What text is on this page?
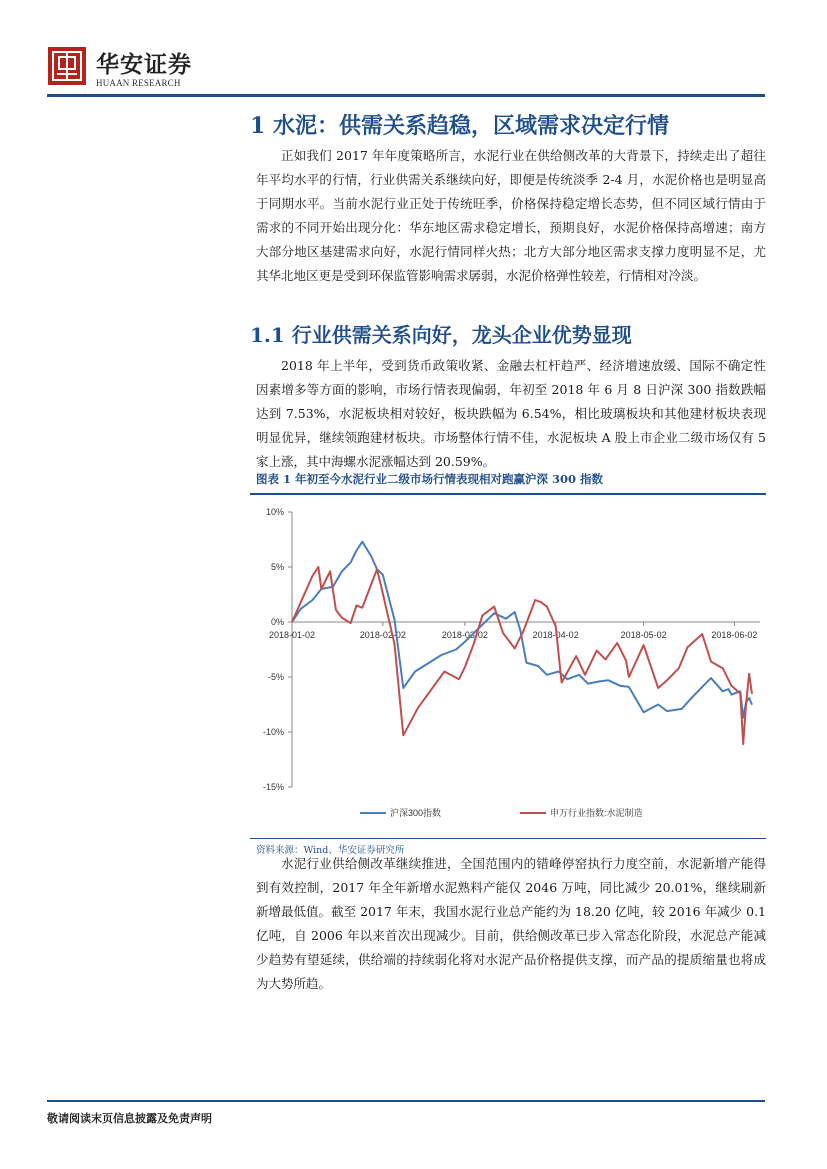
华安证券
HUAAN RESEARCH
1 水泥：供需关系趋稳，区域需求决定行情

正如我们 2017 年年度策略所言，水泥行业在供给侧改革的大背景下，持续走出了超往年平均水平的行情，行业供需关系继续向好，即便是传统淡季 2-4 月，水泥价格也是明显高于同期水平。当前水泥行业正处于传统旺季，价格保持稳定增长态势，但不同区域行情由于需求的不同开始出现分化：华东地区需求稳定增长，预期良好，水泥价格保持高增速；南方大部分地区基建需求向好，水泥行情同样火热；北方大部分地区需求支撑力度明显不足，尤其华北地区更是受到环保监管影响需求孱弱，水泥价格弹性较差，行情相对冷淡。

1.1 行业供需关系向好，龙头企业优势显现

2018 年上半年，受到货币政策收紧、金融去杠杆趋严、经济增速放缓、国际不确定性因素增多等方面的影响，市场行情表现偏弱，年初至 2018 年 6 月 8 日沪深 300 指数跌幅达到 7.53%，水泥板块相对较好，板块跌幅为 6.54%，相比玻璃板块和其他建材板块表现明显优异，继续领跑建材板块。市场整体行情不佳，水泥板块 A 股上市企业二级市场仅有 5 家上涨，其中海螺水泥涨幅达到 20.59%。

图表 1 年初至今水泥行业二级市场行情表现相对跑赢沪深 300 指数
10%
5%
0%
-5%
-10%
-15%
2018-01-02	2018-02-02	2018-03-02	2018-04-02	2018-05-02	2018-06-02
沪深300指数	申万行业指数:水泥制造
资料来源：Wind、华安证券研究所

水泥行业供给侧改革继续推进，全国范围内的错峰停窑执行力度空前，水泥新增产能得到有效控制，2017 年全年新增水泥熟料产能仅 2046 万吨，同比减少 20.01%，继续刷新新增最低值。截至 2017 年末，我国水泥行业总产能约为 18.20 亿吨，较 2016 年减少 0.1 亿吨，自 2006 年以来首次出现减少。目前，供给侧改革已步入常态化阶段，水泥总产能减少趋势有望延续，供给端的持续弱化将对水泥产品价格提供支撑，而产品的提质缩量也将成为大势所趋。

敬请阅读末页信息披露及免责声明
